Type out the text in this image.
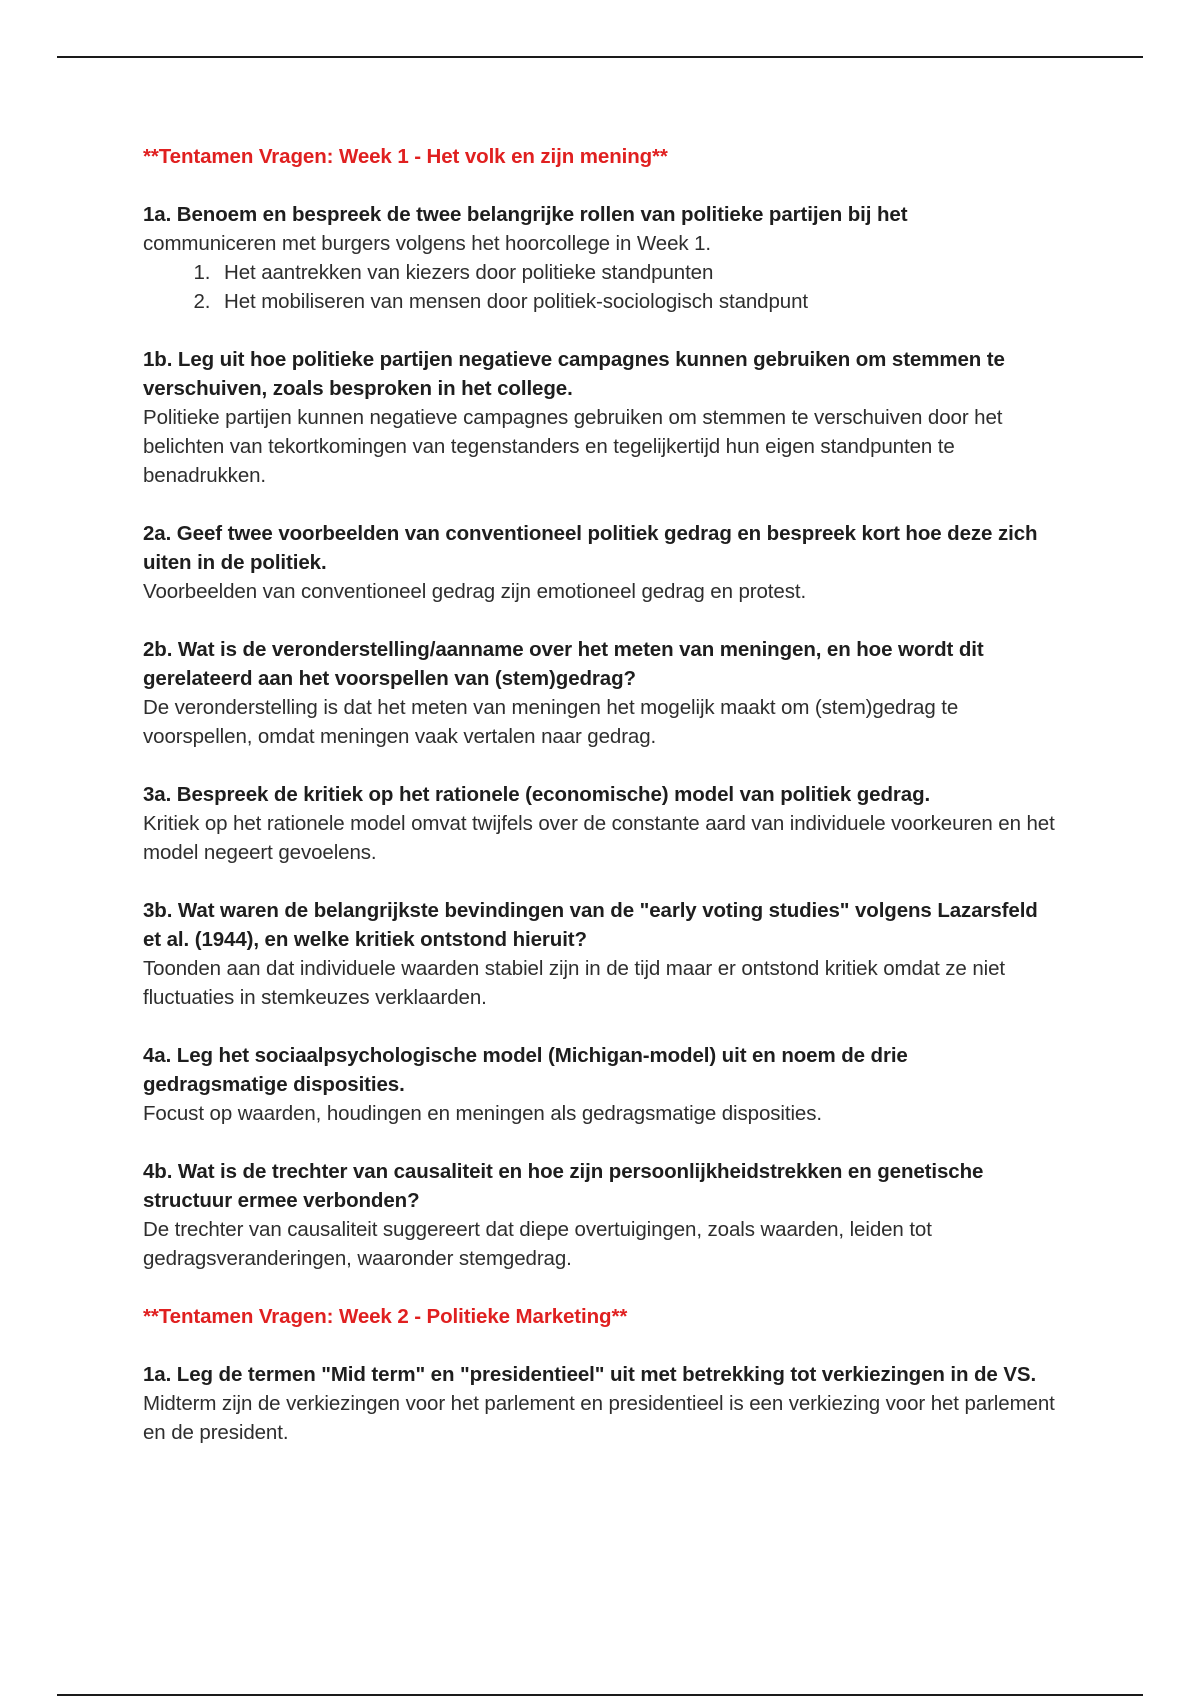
**Tentamen Vragen: Week 1 - Het volk en zijn mening**
1a. Benoem en bespreek de twee belangrijke rollen van politieke partijen bij het
communiceren met burgers volgens het hoorcollege in Week 1.
1. Het aantrekken van kiezers door politieke standpunten
2. Het mobiliseren van mensen door politiek-sociologisch standpunt
1b. Leg uit hoe politieke partijen negatieve campagnes kunnen gebruiken om stemmen te verschuiven, zoals besproken in het college.
Politieke partijen kunnen negatieve campagnes gebruiken om stemmen te verschuiven door het belichten van tekortkomingen van tegenstanders en tegelijkertijd hun eigen standpunten te benadrukken.
2a. Geef twee voorbeelden van conventioneel politiek gedrag en bespreek kort hoe deze zich uiten in de politiek.
Voorbeelden van conventioneel gedrag zijn emotioneel gedrag en protest.
2b. Wat is de veronderstelling/aanname over het meten van meningen, en hoe wordt dit gerelateerd aan het voorspellen van (stem)gedrag?
De veronderstelling is dat het meten van meningen het mogelijk maakt om (stem)gedrag te voorspellen, omdat meningen vaak vertalen naar gedrag.
3a. Bespreek de kritiek op het rationele (economische) model van politiek gedrag.
Kritiek op het rationele model omvat twijfels over de constante aard van individuele voorkeuren en het model negeert gevoelens.
3b. Wat waren de belangrijkste bevindingen van de "early voting studies" volgens Lazarsfeld et al. (1944), en welke kritiek ontstond hieruit?
Toonden aan dat individuele waarden stabiel zijn in de tijd maar er ontstond kritiek omdat ze niet fluctuaties in stemkeuzes verklaarden.
4a. Leg het sociaalpsychologische model (Michigan-model) uit en noem de drie gedragsmatige disposities.
Focust op waarden, houdingen en meningen als gedragsmatige disposities.
4b. Wat is de trechter van causaliteit en hoe zijn persoonlijkheidstrekken en genetische structuur ermee verbonden?
De trechter van causaliteit suggereert dat diepe overtuigingen, zoals waarden, leiden tot gedragsveranderingen, waaronder stemgedrag.
**Tentamen Vragen: Week 2 - Politieke Marketing**
1a. Leg de termen "Mid term" en "presidentieel" uit met betrekking tot verkiezingen in de VS.
Midterm zijn de verkiezingen voor het parlement en presidentieel is een verkiezing voor het parlement en de president.
